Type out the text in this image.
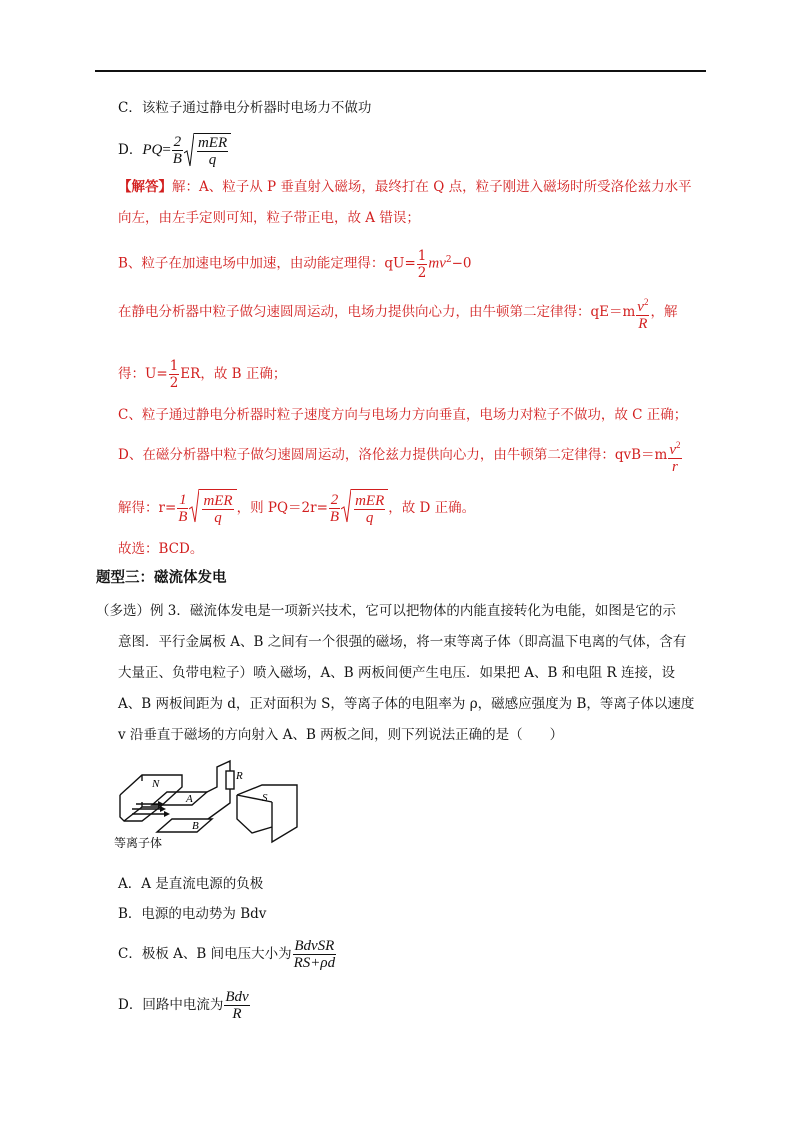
C．该粒子通过静电分析器时电场力不做功
D．$PQ= \frac{2}{B} \frac{\text{mER}}{q}$
【解答】解：A、粒子从 P 垂直射入磁场，最终打在 Q 点，粒子刚进入磁场时所受洛伦兹力水平
向左，由左手定则可知，粒子带正电，故 A 错误；
B、粒子在加速电场中加速，由动能定理得：$qU= \frac{1}{2} mv^2-0$
在静电分析器中粒子做匀速圆周运动，电场力提供向心力，由牛顿第二定律得：$qE=m \frac{v^2}{R}$ ，解
得：$U= \frac{1}{2}$ ER，故 B 正确；
C、粒子通过静电分析器时粒子速度方向与电场力方向垂直，电场力对粒子不做功，故 C 正确；
D、在磁分析器中粒子做匀速圆周运动，洛伦兹力提供向心力，由牛顿第二定律得：$qvB=m \frac{v^2}{r}$
解得：$r= \frac{1}{B} \frac{\text{mER}}{q}$ ，则 $PQ=2r= \frac{2}{B} \frac{\text{mER}}{q}$ ，故 D 正确。
故选：BCD。
题型三：磁流体发电
（多选）例 3．磁流体发电是一项新兴技术，它可以把物体的内能直接转化为电能，如图是它的示
意图．平行金属板 A、B 之间有一个很强的磁场，将一束等离子体（即高温下电离的气体，含有
大量正、负带电粒子）喷入磁场，A、B 两板间便产生电压．如果把 A、B 和电阻 R 连接，设
A、B 两板间距为 d，正对面积为 S，等离子体的电阻率为 ρ，磁感应强度为 B，等离子体以速度
v 沿垂直于磁场的方向射入 A、B 两板之间，则下列说法正确的是（　　）
N
A
B
S
R
等离子体
A．A 是直流电源的负极
B．电源的电动势为 Bdv
C．极板 A、B 间电压大小为 $\frac{\text{BdvSR}}{RS+\rho d}$
D．回路中电流为 $\frac{\text{Bdv}}{R}$
